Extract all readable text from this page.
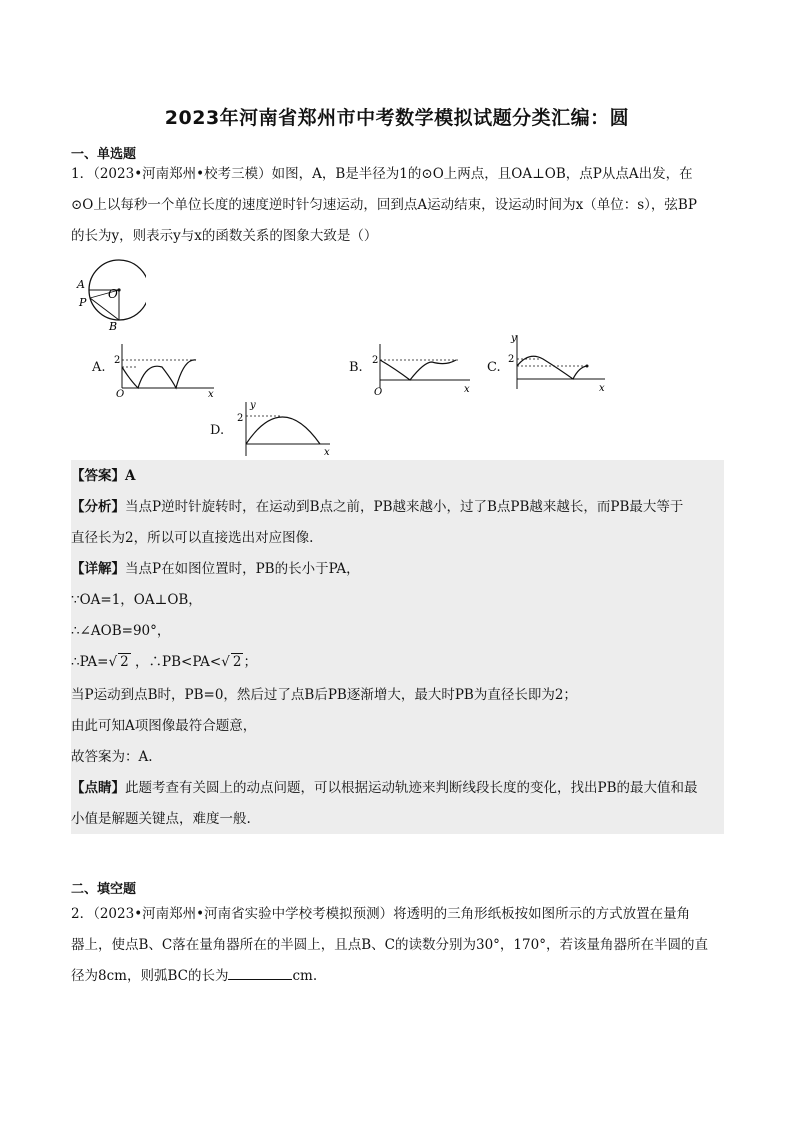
2023年河南省郑州市中考数学模拟试题分类汇编：圆
一、单选题
1．（2023•河南郑州•校考三模）如图，A，B是半径为1的⊙O上两点，且OA⊥OB，点P从点A出发，在
⊙O上以每秒一个单位长度的速度逆时针匀速运动，回到点A运动结束，设运动时间为x（单位：s），弦BP
的长为y，则表示y与x的函数关系的图象大致是（）
A
O
P
B
A. 2
O	x
B. 2
O	x
C.
y
2
x
D.
y
2
x
【答案】A
【分析】当点P逆时针旋转时，在运动到B点之前，PB越来越小，过了B点PB越来越长，而PB最大等于
直径长为2，所以可以直接选出对应图像.
【详解】当点P在如图位置时，PB的长小于PA，
∵OA=1，OA⊥OB，
∴∠AOB=90°，
∴PA=√ 2 ，∴PB<PA<√ 2 ；
当P运动到点B时，PB=0，然后过了点B后PB逐渐增大，最大时PB为直径长即为2；
由此可知A项图像最符合题意，
故答案为：A.
【点睛】此题考查有关圆上的动点问题，可以根据运动轨迹来判断线段长度的变化，找出PB的最大值和最
小值是解题关键点，难度一般.
二、填空题
2．（2023•河南郑州•河南省实验中学校考模拟预测）将透明的三角形纸板按如图所示的方式放置在量角
器上，使点B、C落在量角器所在的半圆上，且点B、C的读数分别为30°，170°，若该量角器所在半圆的直
径为8cm，则弧BC的长为	cm.
